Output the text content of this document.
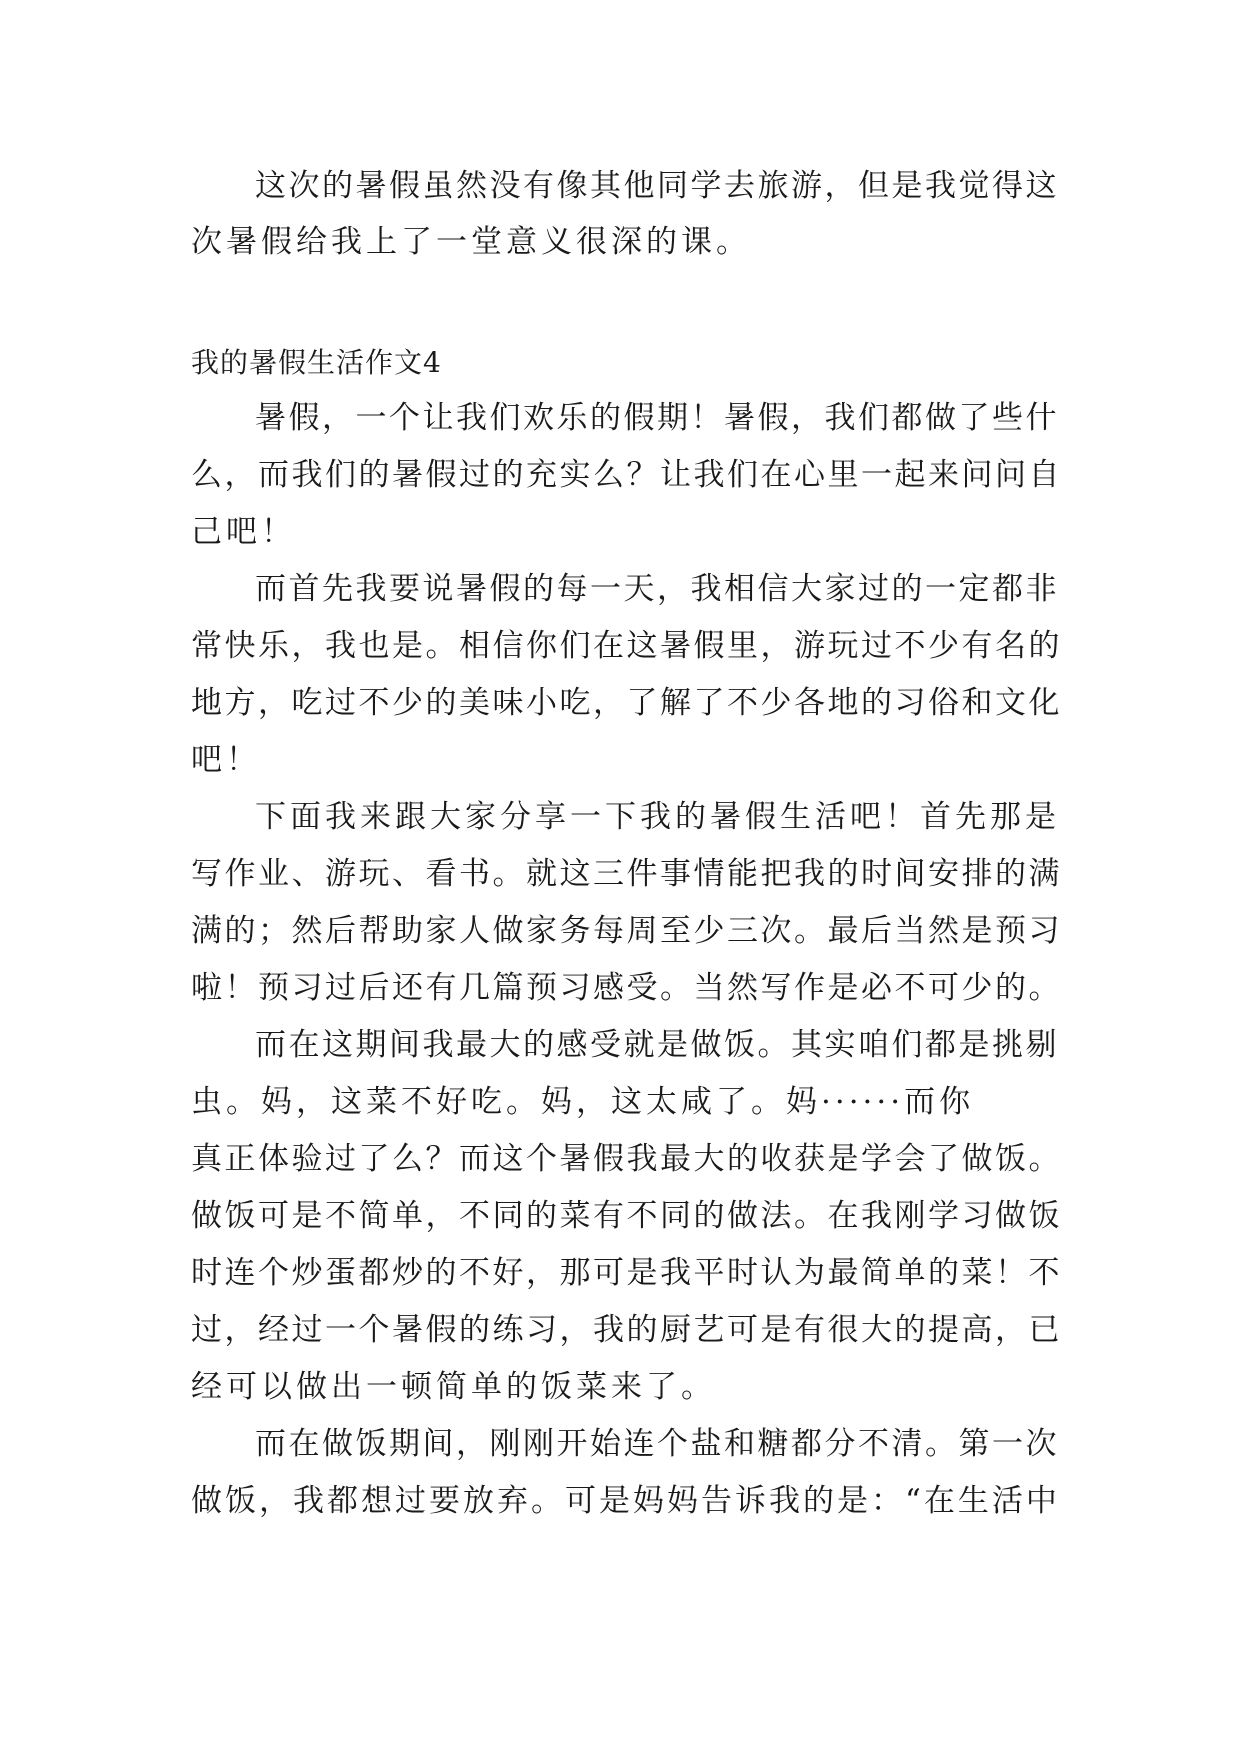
这次的暑假虽然没有像其他同学去旅游，但是我觉得这
次暑假给我上了一堂意义很深的课。
我的暑假生活作文4
暑假，一个让我们欢乐的假期！暑假，我们都做了些什
么，而我们的暑假过的充实么？让我们在心里一起来问问自
己吧！
而首先我要说暑假的每一天，我相信大家过的一定都非
常快乐，我也是。相信你们在这暑假里，游玩过不少有名的
地方，吃过不少的美味小吃，了解了不少各地的习俗和文化
吧！
下面我来跟大家分享一下我的暑假生活吧！首先那是
写作业、游玩、看书。就这三件事情能把我的时间安排的满
满的；然后帮助家人做家务每周至少三次。最后当然是预习
啦！预习过后还有几篇预习感受。当然写作是必不可少的。
而在这期间我最大的感受就是做饭。其实咱们都是挑剔
虫。妈，这菜不好吃。妈，这太咸了。妈······而你
真正体验过了么？而这个暑假我最大的收获是学会了做饭。
做饭可是不简单，不同的菜有不同的做法。在我刚学习做饭
时连个炒蛋都炒的不好，那可是我平时认为最简单的菜！不
过，经过一个暑假的练习，我的厨艺可是有很大的提高，已
经可以做出一顿简单的饭菜来了。
而在做饭期间，刚刚开始连个盐和糖都分不清。第一次
做饭，我都想过要放弃。可是妈妈告诉我的是：“在生活中
